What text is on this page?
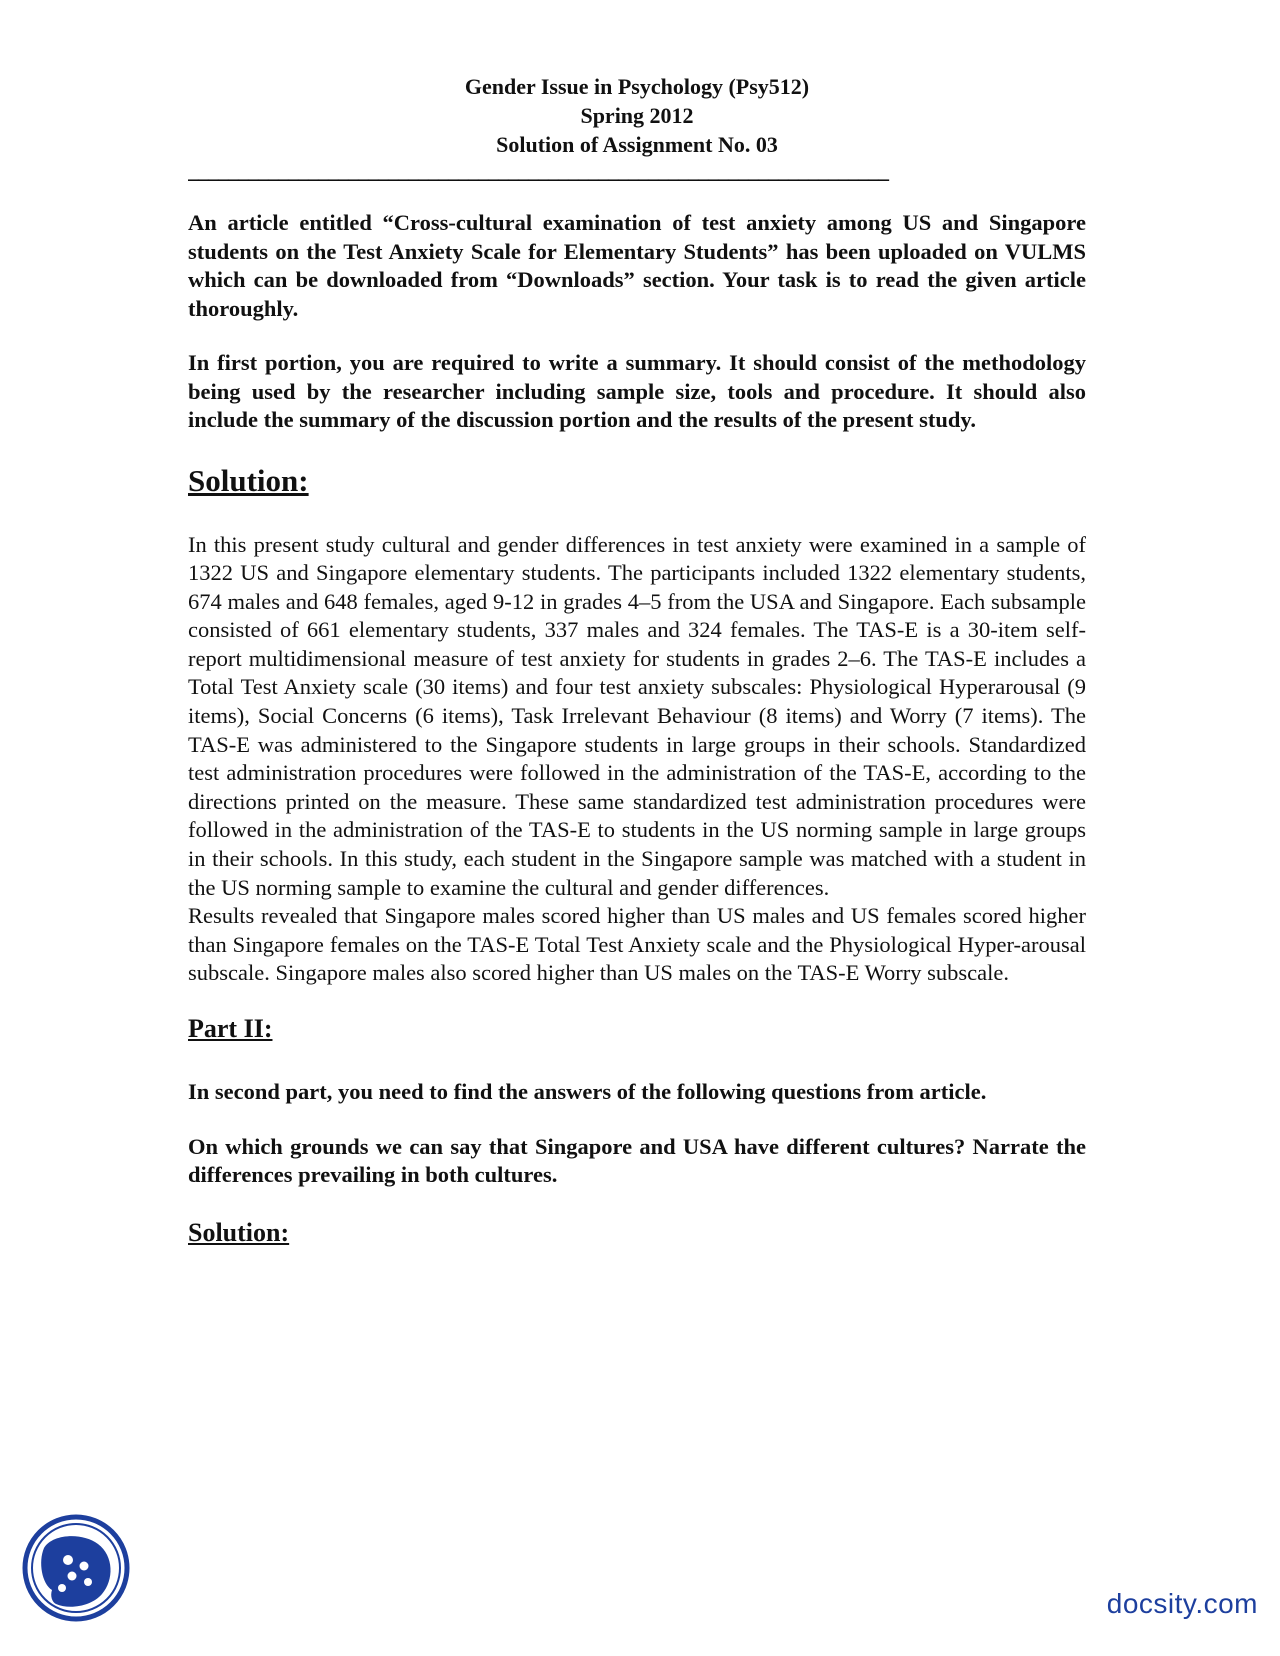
Gender Issue in Psychology (Psy512)
Spring 2012
Solution of Assignment No. 03
______________________________________________________________________
An article entitled “Cross-cultural examination of test anxiety among US and Singapore students on the Test Anxiety Scale for Elementary Students” has been uploaded on VULMS which can be downloaded from “Downloads” section. Your task is to read the given article thoroughly.
In first portion, you are required to write a summary. It should consist of the methodology being used by the researcher including sample size, tools and procedure. It should also include the summary of the discussion portion and the results of the present study.
Solution:
In this present study cultural and gender differences in test anxiety were examined in a sample of 1322 US and Singapore elementary students. The participants included 1322 elementary students, 674 males and 648 females, aged 9-12 in grades 4–5 from the USA and Singapore. Each subsample consisted of 661 elementary students, 337 males and 324 females. The TAS-E is a 30-item self-report multidimensional measure of test anxiety for students in grades 2–6. The TAS-E includes a Total Test Anxiety scale (30 items) and four test anxiety subscales: Physiological Hyperarousal (9 items), Social Concerns (6 items), Task Irrelevant Behaviour (8 items) and Worry (7 items). The TAS-E was administered to the Singapore students in large groups in their schools. Standardized test administration procedures were followed in the administration of the TAS-E, according to the directions printed on the measure. These same standardized test administration procedures were followed in the administration of the TAS-E to students in the US norming sample in large groups in their schools. In this study, each student in the Singapore sample was matched with a student in the US norming sample to examine the cultural and gender differences.
Results revealed that Singapore males scored higher than US males and US females scored higher than Singapore females on the TAS-E Total Test Anxiety scale and the Physiological Hyper-arousal subscale. Singapore males also scored higher than US males on the TAS-E Worry subscale.
Part II:
In second part, you need to find the answers of the following questions from article.
On which grounds we can say that Singapore and USA have different cultures? Narrate the differences prevailing in both cultures.
Solution:
docsity.com
